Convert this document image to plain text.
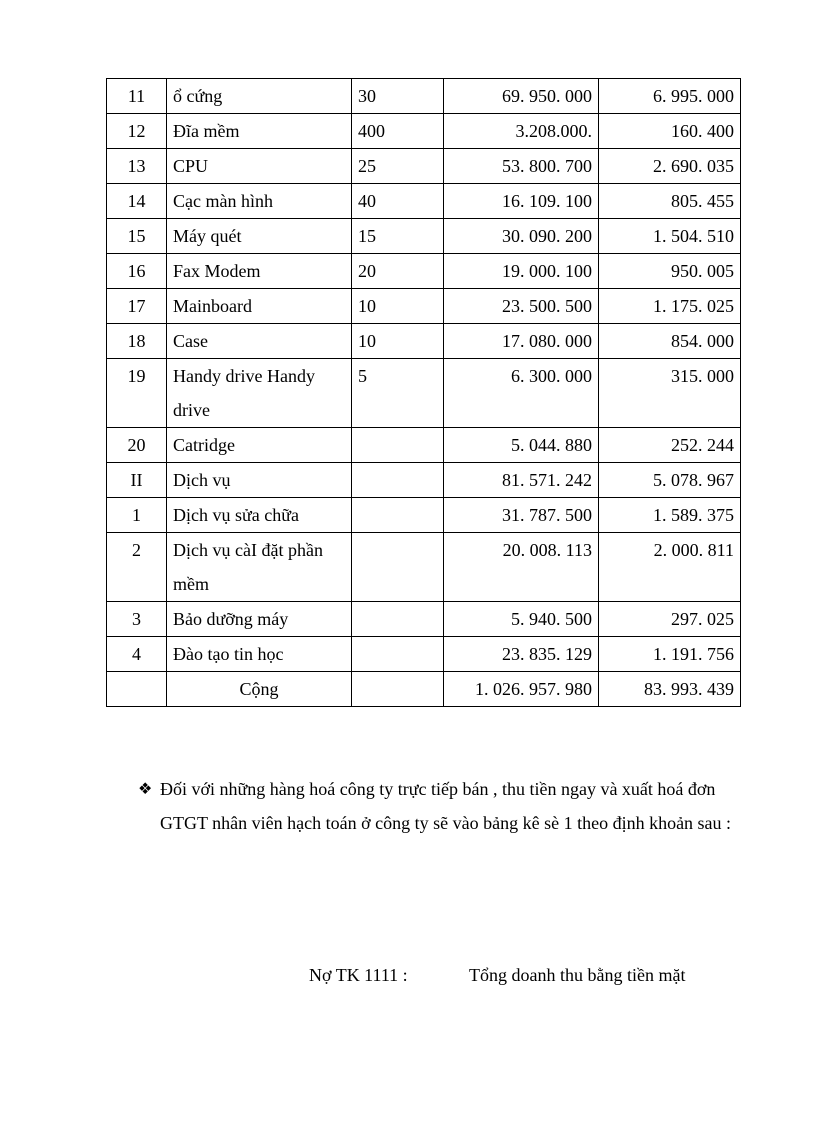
11	ổ cứng	30	69. 950. 000	6. 995. 000
12	Đĩa mềm	400	3.208.000.	160. 400
13	CPU	25	53. 800. 700	2. 690. 035
14	Cạc màn hình	40	16. 109. 100	805. 455
15	Máy quét	15	30. 090. 200	1. 504. 510
16	Fax Modem	20	19. 000. 100	950. 005
17	Mainboard	10	23. 500. 500	1. 175. 025
18	Case	10	17. 080. 000	854. 000
19	Handy drive Handy drive	5	6. 300. 000	315. 000
20	Catridge		5. 044. 880	252. 244
II	Dịch vụ		81. 571. 242	5. 078. 967
1	Dịch vụ sửa chữa		31. 787. 500	1. 589. 375
2	Dịch vụ càI đặt phần mềm		20. 008. 113	2. 000. 811
3	Bảo dưỡng máy		5. 940. 500	297. 025
4	Đào tạo tin học		23. 835. 129	1. 191. 756
	Cộng		1. 026. 957. 980	83. 993. 439
❖ Đối với những hàng hoá công ty trực tiếp bán , thu tiền ngay và xuất hoá đơn GTGT nhân viên hạch toán ở công ty sẽ vào bảng kê sè 1 theo định khoản sau :
Nợ TK 1111 :	Tổng doanh thu bằng tiền mặt
